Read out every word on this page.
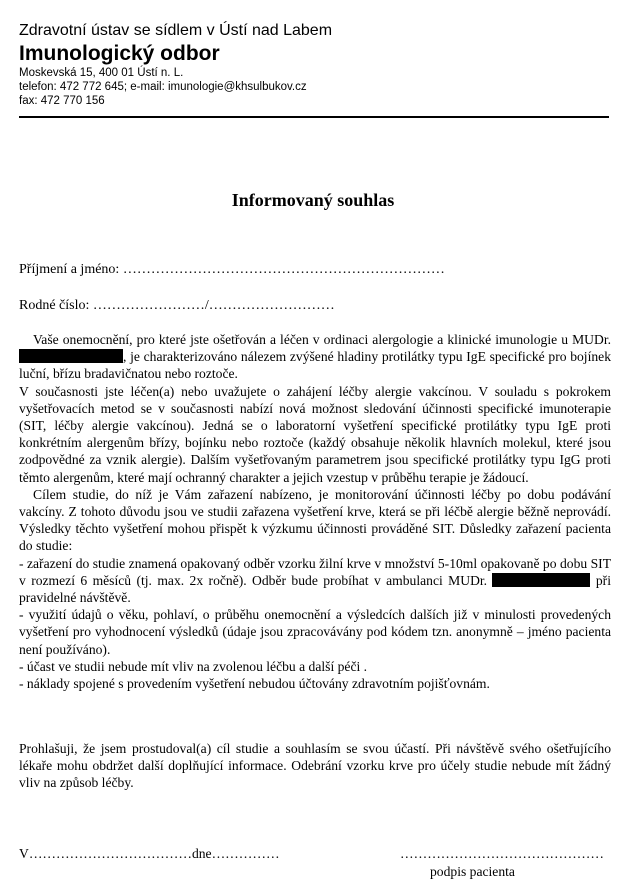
Zdravotní ústav se sídlem v Ústí nad Labem
Imunologický odbor
Moskevská 15, 400 01 Ústí n. L.
telefon: 472 772 645; e-mail: imunologie@khsulbukov.cz
fax: 472 770 156
Informovaný souhlas
Příjmení a jméno: ……………………………………………………………
Rodné číslo: ……………………/………………………

Vaše onemocnění, pro které jste ošetřován a léčen v ordinaci alergologie a klinické imunologie u MUDr. , je charakterizováno nálezem zvýšené hladiny protilátky typu IgE specifické pro bojínek luční, břízu bradavičnatou nebo roztoče.

V současnosti jste léčen(a) nebo uvažujete o zahájení léčby alergie vakcínou. V souladu s pokrokem vyšetřovacích metod se v současnosti nabízí nová možnost sledování účinnosti specifické imunoterapie (SIT, léčby alergie vakcínou). Jedná se o laboratorní vyšetření specifické protilátky typu IgE proti konkrétním alergenům břízy, bojínku nebo roztoče (každý obsahuje několik hlavních molekul, které jsou zodpovědné za vznik alergie). Dalším vyšetřovaným parametrem jsou specifické protilátky typu IgG proti těmto alergenům, které mají ochranný charakter a jejich vzestup v průběhu terapie je žádoucí.

Cílem studie, do níž je Vám zařazení nabízeno, je monitorování účinnosti léčby po dobu podávání vakcíny. Z tohoto důvodu jsou ve studii zařazena vyšetření krve, která se při léčbě alergie běžně neprovádí. Výsledky těchto vyšetření mohou přispět k výzkumu účinnosti prováděné SIT. Důsledky zařazení pacienta do studie:

- zařazení do studie znamená opakovaný odběr vzorku žilní krve v množství 5-10ml opakovaně po dobu SIT v rozmezí 6 měsíců (tj. max. 2x ročně). Odběr bude probíhat v ambulanci MUDr.	při pravidelné návštěvě.

- využití údajů o věku, pohlaví, o průběhu onemocnění a výsledcích dalších již v minulosti provedených vyšetření pro vyhodnocení výsledků (údaje jsou zpracovávány pod kódem tzn. anonymně – jméno pacienta není používáno).

- účast ve studii nebude mít vliv na zvolenou léčbu a další péči .

- náklady spojené s provedením vyšetření nebudou účtovány zdravotním pojišťovnám.

Prohlašuji, že jsem prostudoval(a) cíl studie a souhlasím se svou účastí. Při návštěvě svého ošetřujícího lékaře mohu obdržet další doplňující informace. Odebrání vzorku krve pro účely studie nebude mít žádný vliv na způsob léčby.

V………………………………dne……………	………………………………………
podpis pacienta
